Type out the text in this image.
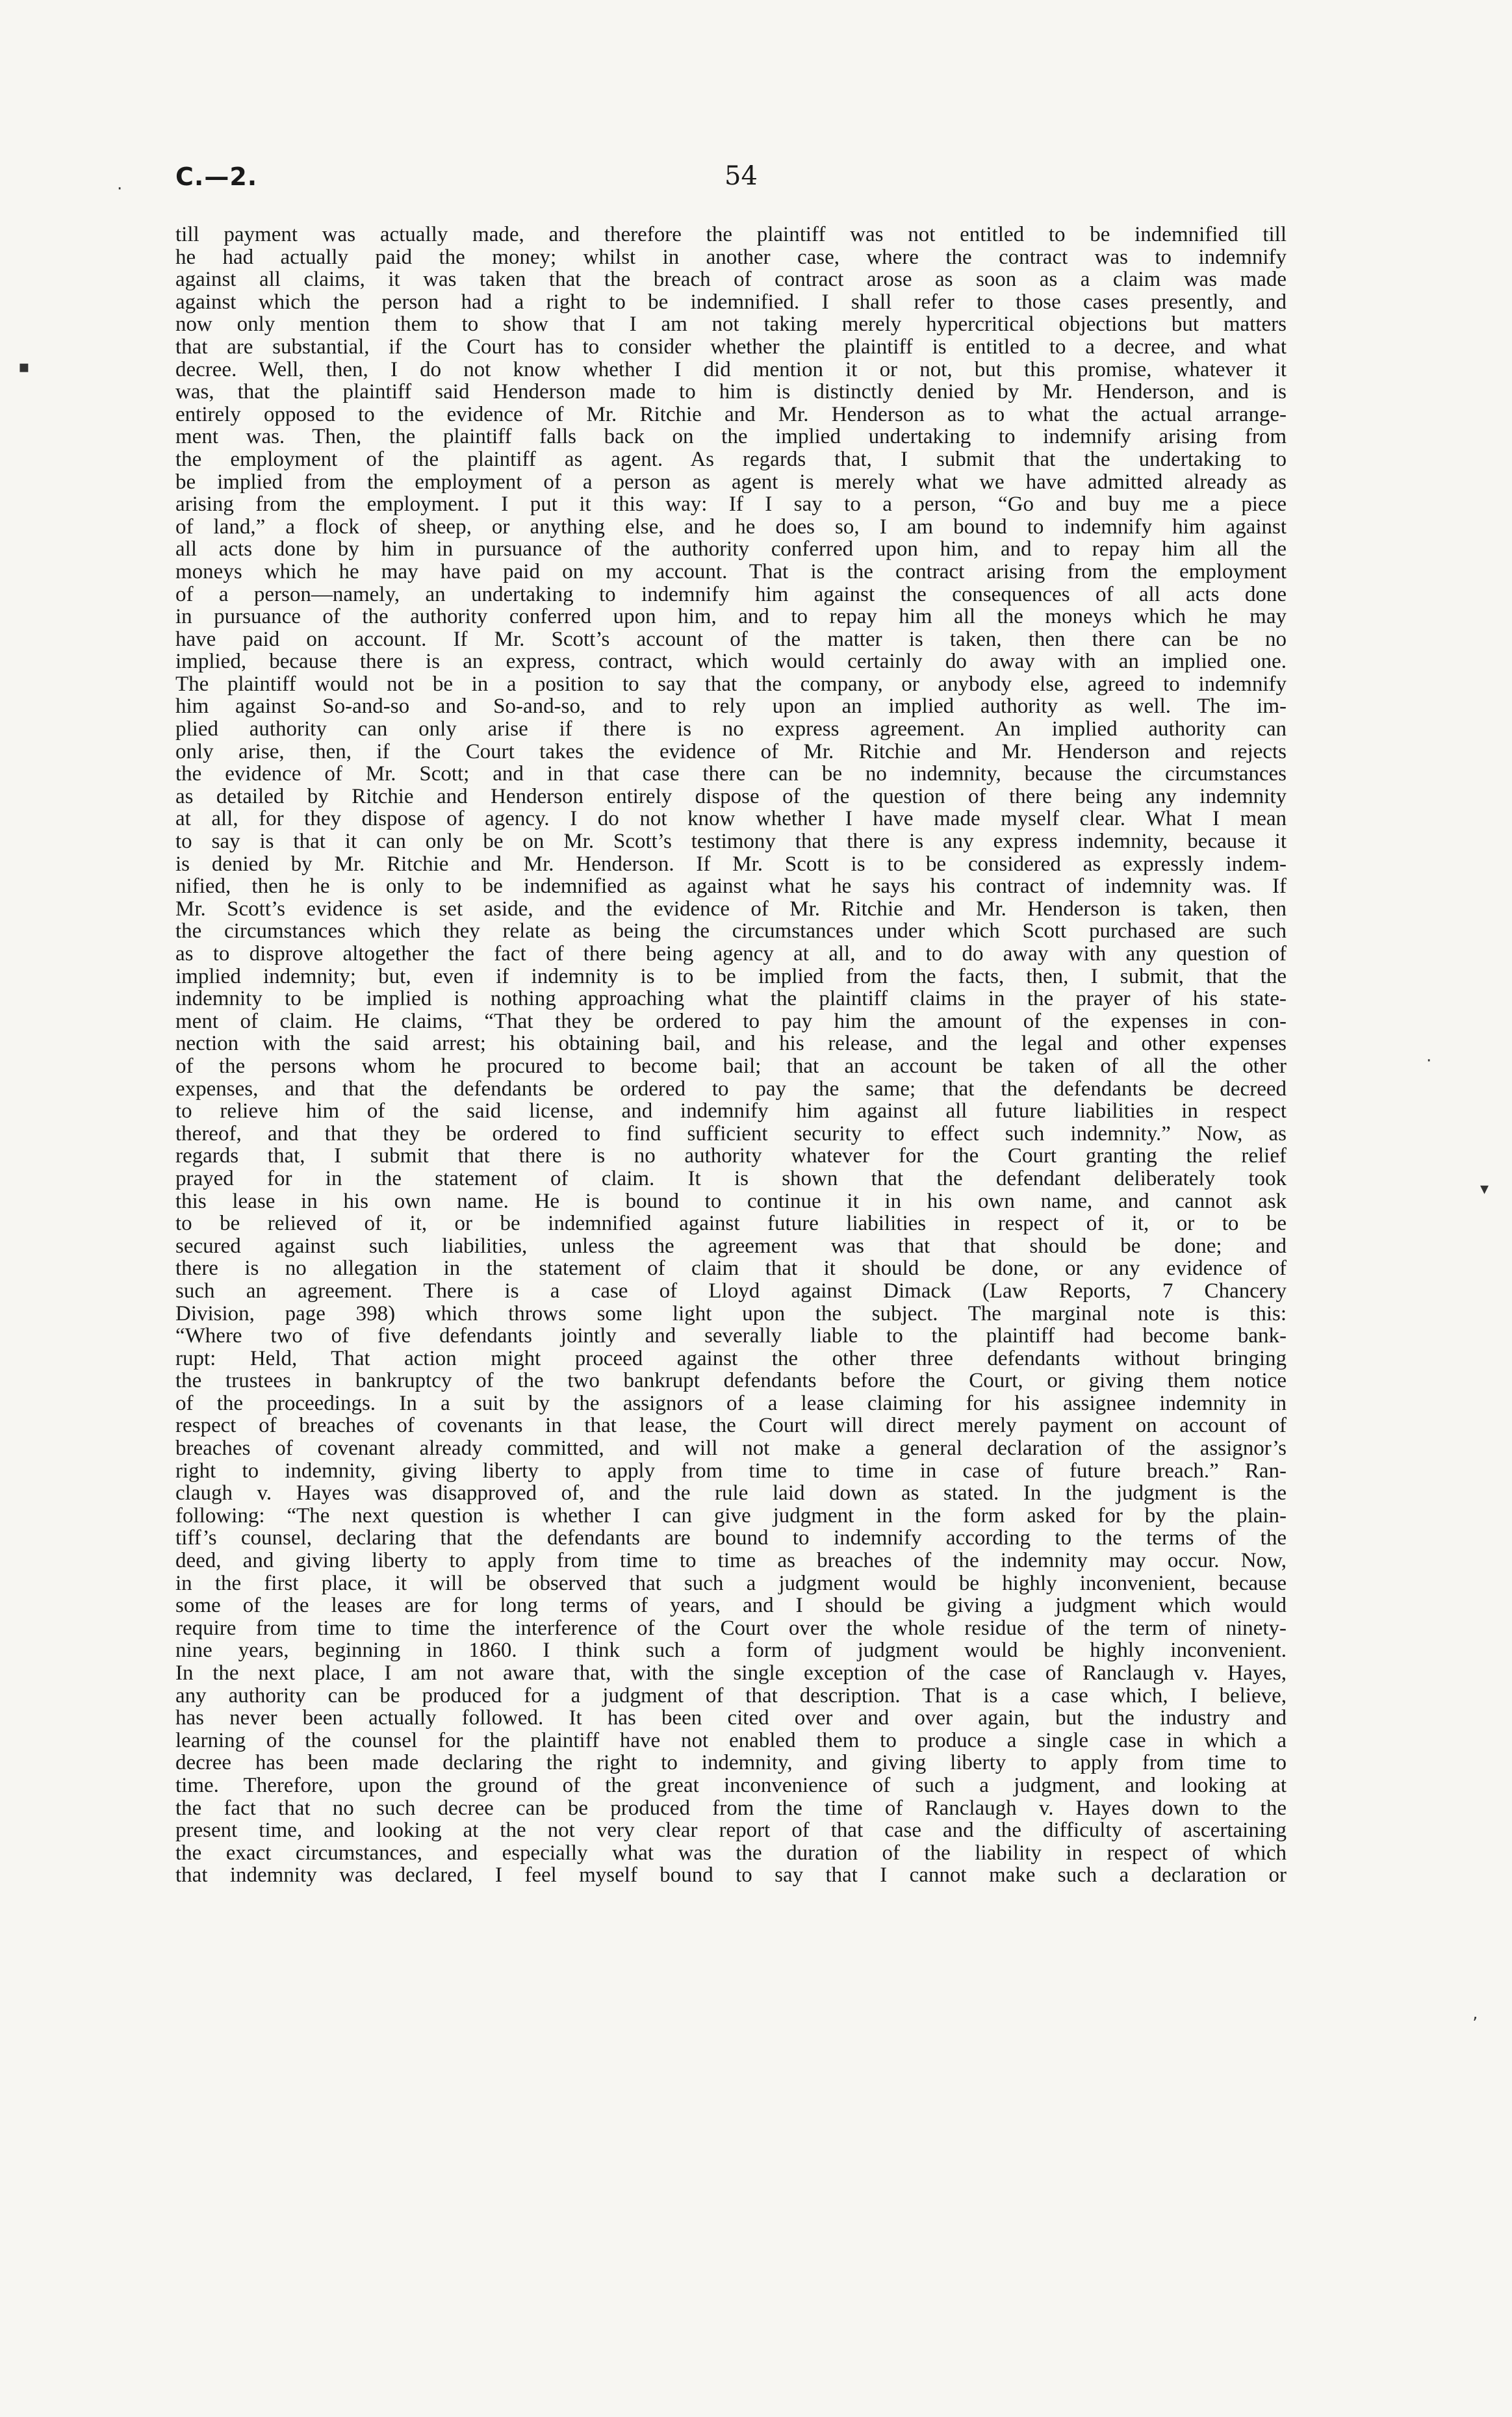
C.—2.	54
till payment was actually made, and therefore the plaintiff was not entitled to be indemnified till
he had actually paid the money; whilst in another case, where the contract was to indemnify
against all claims, it was taken that the breach of contract arose as soon as a claim was made
against which the person had a right to be indemnified. I shall refer to those cases presently, and
now only mention them to show that I am not taking merely hypercritical objections but matters
that are substantial, if the Court has to consider whether the plaintiff is entitled to a decree, and what
decree. Well, then, I do not know whether I did mention it or not, but this promise, whatever it
was, that the plaintiff said Henderson made to him is distinctly denied by Mr. Henderson, and is
entirely opposed to the evidence of Mr. Ritchie and Mr. Henderson as to what the actual arrange-
ment was. Then, the plaintiff falls back on the implied undertaking to indemnify arising from
the employment of the plaintiff as agent. As regards that, I submit that the undertaking to
be implied from the employment of a person as agent is merely what we have admitted already as
arising from the employment. I put it this way: If I say to a person, “Go and buy me a piece
of land,” a flock of sheep, or anything else, and he does so, I am bound to indemnify him against
all acts done by him in pursuance of the authority conferred upon him, and to repay him all the
moneys which he may have paid on my account. That is the contract arising from the employment
of a person—namely, an undertaking to indemnify him against the consequences of all acts done
in pursuance of the authority conferred upon him, and to repay him all the moneys which he may
have paid on account. If Mr. Scott’s account of the matter is taken, then there can be no
implied, because there is an express, contract, which would certainly do away with an implied one.
The plaintiff would not be in a position to say that the company, or anybody else, agreed to indemnify
him against So-and-so and So-and-so, and to rely upon an implied authority as well. The im-
plied authority can only arise if there is no express agreement. An implied authority can
only arise, then, if the Court takes the evidence of Mr. Ritchie and Mr. Henderson and rejects
the evidence of Mr. Scott; and in that case there can be no indemnity, because the circumstances
as detailed by Ritchie and Henderson entirely dispose of the question of there being any indemnity
at all, for they dispose of agency. I do not know whether I have made myself clear. What I mean
to say is that it can only be on Mr. Scott’s testimony that there is any express indemnity, because it
is denied by Mr. Ritchie and Mr. Henderson. If Mr. Scott is to be considered as expressly indem-
nified, then he is only to be indemnified as against what he says his contract of indemnity was. If
Mr. Scott’s evidence is set aside, and the evidence of Mr. Ritchie and Mr. Henderson is taken, then
the circumstances which they relate as being the circumstances under which Scott purchased are such
as to disprove altogether the fact of there being agency at all, and to do away with any question of
implied indemnity; but, even if indemnity is to be implied from the facts, then, I submit, that the
indemnity to be implied is nothing approaching what the plaintiff claims in the prayer of his state-
ment of claim. He claims, “That they be ordered to pay him the amount of the expenses in con-
nection with the said arrest; his obtaining bail, and his release, and the legal and other expenses
of the persons whom he procured to become bail; that an account be taken of all the other
expenses, and that the defendants be ordered to pay the same; that the defendants be decreed
to relieve him of the said license, and indemnify him against all future liabilities in respect
thereof, and that they be ordered to find sufficient security to effect such indemnity.” Now, as
regards that, I submit that there is no authority whatever for the Court granting the relief
prayed for in the statement of claim. It is shown that the defendant deliberately took
this lease in his own name. He is bound to continue it in his own name, and cannot ask
to be relieved of it, or be indemnified against future liabilities in respect of it, or to be
secured against such liabilities, unless the agreement was that that should be done; and
there is no allegation in the statement of claim that it should be done, or any evidence of
such an agreement. There is a case of Lloyd against Dimack (Law Reports, 7 Chancery
Division, page 398) which throws some light upon the subject. The marginal note is this:
“Where two of five defendants jointly and severally liable to the plaintiff had become bank-
rupt: Held, That action might proceed against the other three defendants without bringing
the trustees in bankruptcy of the two bankrupt defendants before the Court, or giving them notice
of the proceedings. In a suit by the assignors of a lease claiming for his assignee indemnity in
respect of breaches of covenants in that lease, the Court will direct merely payment on account of
breaches of covenant already committed, and will not make a general declaration of the assignor’s
right to indemnity, giving liberty to apply from time to time in case of future breach.” Ran-
claugh v. Hayes was disapproved of, and the rule laid down as stated. In the judgment is the
following: “The next question is whether I can give judgment in the form asked for by the plain-
tiff’s counsel, declaring that the defendants are bound to indemnify according to the terms of the
deed, and giving liberty to apply from time to time as breaches of the indemnity may occur. Now,
in the first place, it will be observed that such a judgment would be highly inconvenient, because
some of the leases are for long terms of years, and I should be giving a judgment which would
require from time to time the interference of the Court over the whole residue of the term of ninety-
nine years, beginning in 1860. I think such a form of judgment would be highly inconvenient.
In the next place, I am not aware that, with the single exception of the case of Ranclaugh v. Hayes,
any authority can be produced for a judgment of that description. That is a case which, I believe,
has never been actually followed. It has been cited over and over again, but the industry and
learning of the counsel for the plaintiff have not enabled them to produce a single case in which a
decree has been made declaring the right to indemnity, and giving liberty to apply from time to
time. Therefore, upon the ground of the great inconvenience of such a judgment, and looking at
the fact that no such decree can be produced from the time of Ranclaugh v. Hayes down to the
present time, and looking at the not very clear report of that case and the difficulty of ascertaining
the exact circumstances, and especially what was the duration of the liability in respect of which
that indemnity was declared, I feel myself bound to say that I cannot make such a declaration or
·
▪
·
▾
ʼ
